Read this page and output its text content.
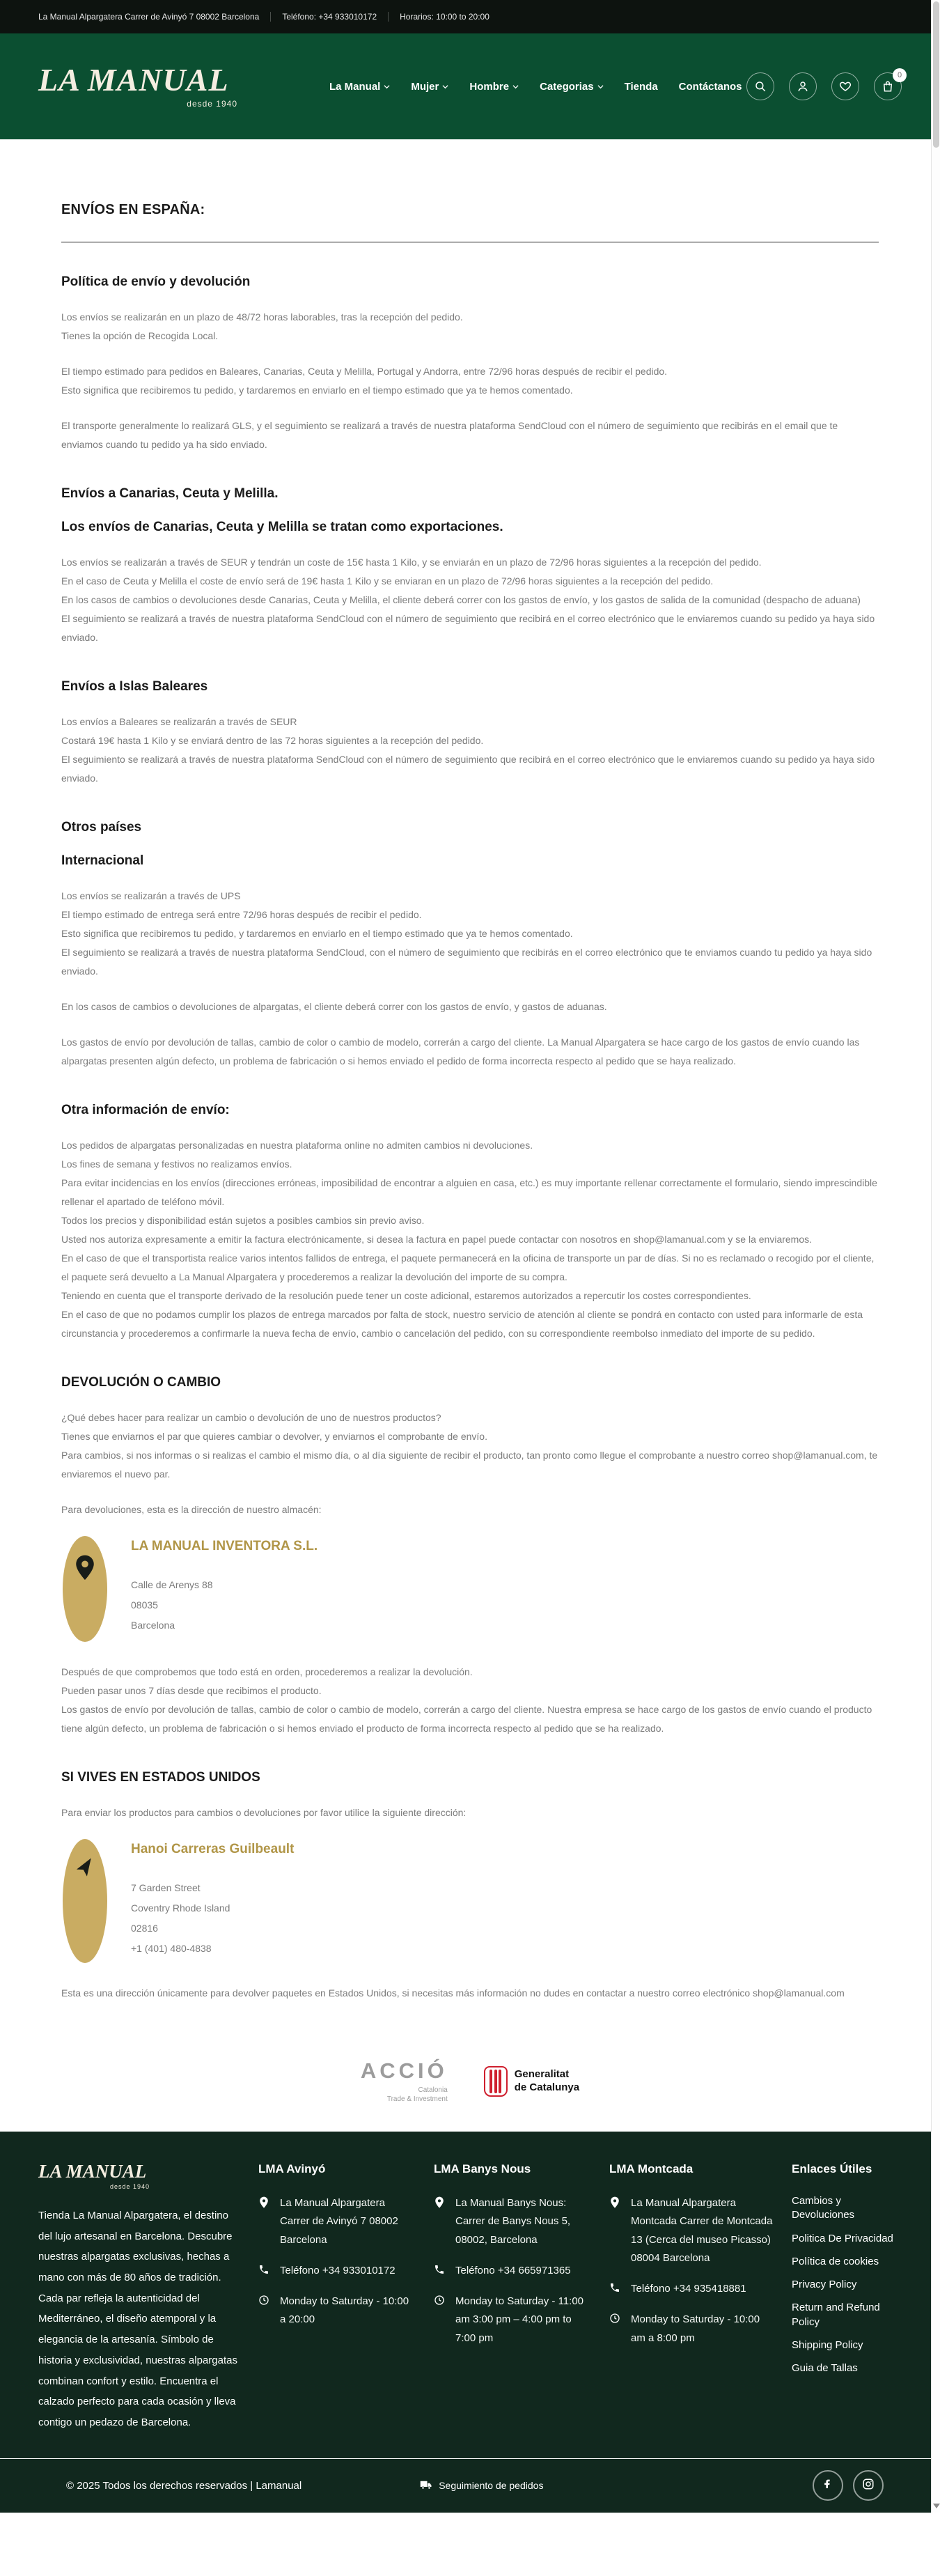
La Manual Alpargatera Carrer de Avinyó 7 08002 Barcelona	Teléfono: +34 933010172	Horarios: 10:00 to 20:00
LA MANUAL
desde 1940
La Manual	Mujer	Hombre	Categorias	Tienda Contáctanos
0
ENVÍOS EN ESPAÑA:
Política de envío y devolución
Los envíos se realizarán en un plazo de 48/72 horas laborables, tras la recepción del pedido.
Tienes la opción de Recogida Local.
El tiempo estimado para pedidos en Baleares, Canarias, Ceuta y Melilla, Portugal y Andorra, entre 72/96 horas después de recibir el pedido.
Esto significa que recibiremos tu pedido, y tardaremos en enviarlo en el tiempo estimado que ya te hemos comentado.
El transporte generalmente lo realizará GLS, y el seguimiento se realizará a través de nuestra plataforma SendCloud con el número de seguimiento que recibirás en el email que te enviamos cuando tu pedido ya ha sido enviado.
Envíos a Canarias, Ceuta y Melilla.
Los envíos de Canarias, Ceuta y Melilla se tratan como exportaciones.
Los envíos se realizarán a través de SEUR y tendrán un coste de 15€ hasta 1 Kilo, y se enviarán en un plazo de 72/96 horas siguientes a la recepción del pedido.
En el caso de Ceuta y Melilla el coste de envío será de 19€ hasta 1 Kilo y se enviaran en un plazo de 72/96 horas siguientes a la recepción del pedido.
En los casos de cambios o devoluciones desde Canarias, Ceuta y Melilla, el cliente deberá correr con los gastos de envío, y los gastos de salida de la comunidad (despacho de aduana)
El seguimiento se realizará a través de nuestra plataforma SendCloud con el número de seguimiento que recibirá en el correo electrónico que le enviaremos cuando su pedido ya haya sido enviado.
Envíos a Islas Baleares
Los envíos a Baleares se realizarán a través de SEUR
Costará 19€ hasta 1 Kilo y se enviará dentro de las 72 horas siguientes a la recepción del pedido.
El seguimiento se realizará a través de nuestra plataforma SendCloud con el número de seguimiento que recibirá en el correo electrónico que le enviaremos cuando su pedido ya haya sido enviado.
Otros países
Internacional
Los envíos se realizarán a través de UPS
El tiempo estimado de entrega será entre 72/96 horas después de recibir el pedido.
Esto significa que recibiremos tu pedido, y tardaremos en enviarlo en el tiempo estimado que ya te hemos comentado.
El seguimiento se realizará a través de nuestra plataforma SendCloud, con el número de seguimiento que recibirás en el correo electrónico que te enviamos cuando tu pedido ya haya sido enviado.
En los casos de cambios o devoluciones de alpargatas, el cliente deberá correr con los gastos de envío, y gastos de aduanas.
Los gastos de envío por devolución de tallas, cambio de color o cambio de modelo, correrán a cargo del cliente. La Manual Alpargatera se hace cargo de los gastos de envío cuando las alpargatas presenten algún defecto, un problema de fabricación o si hemos enviado el pedido de forma incorrecta respecto al pedido que se haya realizado.
Otra información de envío:
Los pedidos de alpargatas personalizadas en nuestra plataforma online no admiten cambios ni devoluciones.
Los fines de semana y festivos no realizamos envíos.
Para evitar incidencias en los envíos (direcciones erróneas, imposibilidad de encontrar a alguien en casa, etc.) es muy importante rellenar correctamente el formulario, siendo imprescindible rellenar el apartado de teléfono móvil.
Todos los precios y disponibilidad están sujetos a posibles cambios sin previo aviso.
Usted nos autoriza expresamente a emitir la factura electrónicamente, si desea la factura en papel puede contactar con nosotros en shop@lamanual.com y se la enviaremos.
En el caso de que el transportista realice varios intentos fallidos de entrega, el paquete permanecerá en la oficina de transporte un par de días. Si no es reclamado o recogido por el cliente, el paquete será devuelto a La Manual Alpargatera y procederemos a realizar la devolución del importe de su compra.
Teniendo en cuenta que el transporte derivado de la resolución puede tener un coste adicional, estaremos autorizados a repercutir los costes correspondientes.
En el caso de que no podamos cumplir los plazos de entrega marcados por falta de stock, nuestro servicio de atención al cliente se pondrá en contacto con usted para informarle de esta circunstancia y procederemos a confirmarle la nueva fecha de envío, cambio o cancelación del pedido, con su correspondiente reembolso inmediato del importe de su pedido.
DEVOLUCIÓN O CAMBIO
¿Qué debes hacer para realizar un cambio o devolución de uno de nuestros productos?
Tienes que enviarnos el par que quieres cambiar o devolver, y enviarnos el comprobante de envío.
Para cambios, si nos informas o si realizas el cambio el mismo día, o al día siguiente de recibir el producto, tan pronto como llegue el comprobante a nuestro correo shop@lamanual.com, te enviaremos el nuevo par.
Para devoluciones, esta es la dirección de nuestro almacén:
LA MANUAL INVENTORA S.L.
Calle de Arenys 88
08035
Barcelona
Después de que comprobemos que todo está en orden, procederemos a realizar la devolución.
Pueden pasar unos 7 días desde que recibimos el producto.
Los gastos de envío por devolución de tallas, cambio de color o cambio de modelo, correrán a cargo del cliente. Nuestra empresa se hace cargo de los gastos de envío cuando el producto tiene algún defecto, un problema de fabricación o si hemos enviado el producto de forma incorrecta respecto al pedido que se ha realizado.
SI VIVES EN ESTADOS UNIDOS
Para enviar los productos para cambios o devoluciones por favor utilice la siguiente dirección:
Hanoi Carreras Guilbeault
7 Garden Street
Coventry Rhode Island
02816
+1 (401) 480-4838
Esta es una dirección únicamente para devolver paquetes en Estados Unidos, si necesitas más información no dudes en contactar a nuestro correo electrónico shop@lamanual.com
ACCIÓ
Catalonia
Trade & Investment
Generalitat
de Catalunya
LA MANUAL
desde 1940
Tienda La Manual Alpargatera, el destino del lujo artesanal en Barcelona. Descubre nuestras alpargatas exclusivas, hechas a mano con más de 80 años de tradición. Cada par refleja la autenticidad del Mediterráneo, el diseño atemporal y la elegancia de la artesanía. Símbolo de historia y exclusividad, nuestras alpargatas combinan confort y estilo. Encuentra el calzado perfecto para cada ocasión y lleva contigo un pedazo de Barcelona.
LMA Avinyó
La Manual Alpargatera Carrer de Avinyó 7 08002 Barcelona
Teléfono +34 933010172
Monday to Saturday - 10:00 a 20:00
LMA Banys Nous
La Manual Banys Nous: Carrer de Banys Nous 5, 08002, Barcelona
Teléfono +34 665971365
Monday to Saturday - 11:00 am 3:00 pm – 4:00 pm to 7:00 pm
LMA Montcada
La Manual Alpargatera Montcada Carrer de Montcada 13 (Cerca del museo Picasso) 08004 Barcelona
Teléfono +34 935418881
Monday to Saturday - 10:00 am a 8:00 pm
Enlaces Útiles
Cambios y Devoluciones
Politica De Privacidad
Política de cookies
Privacy Policy
Return and Refund Policy
Shipping Policy
Guia de Tallas
© 2025 Todos los derechos reservados | Lamanual	Seguimiento de pedidos
